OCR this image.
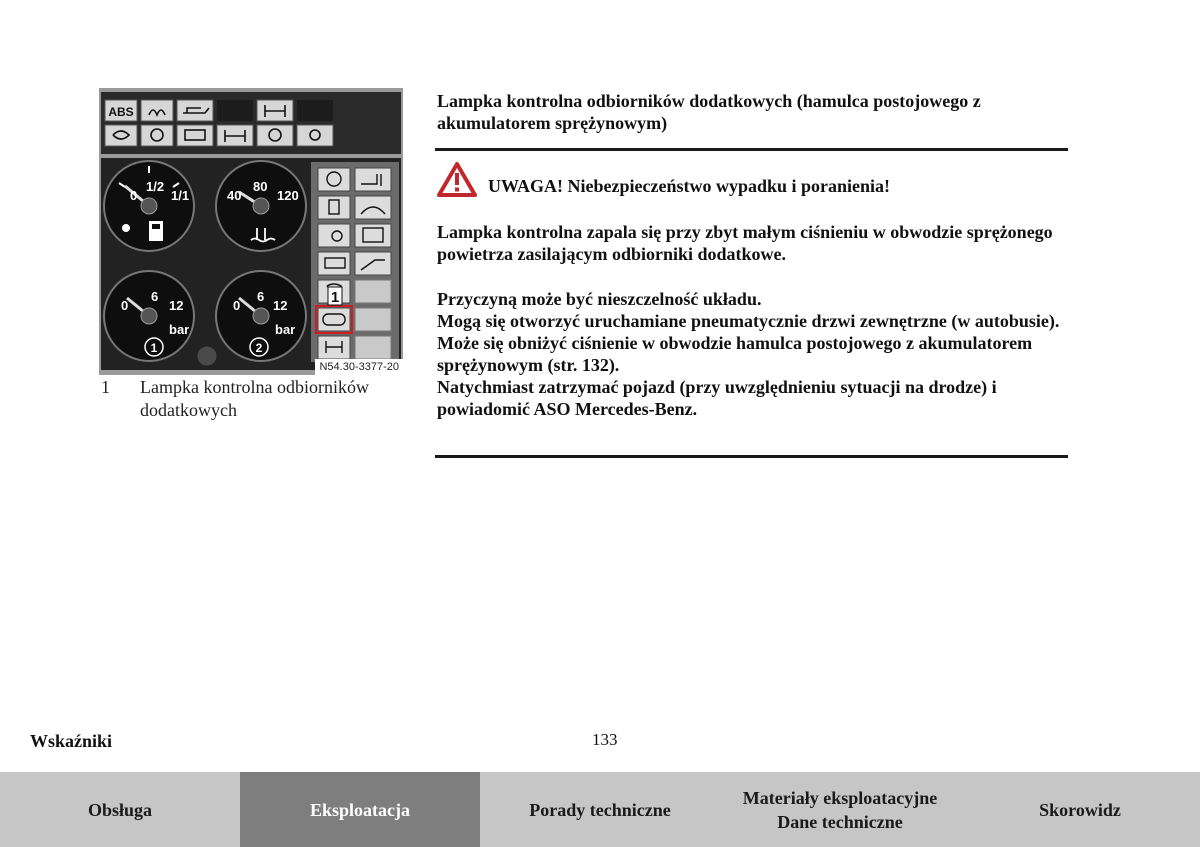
ABS
0
1/2
1/1	40
80
120
0
6
12
bar
1
0
6
12
bar
2
1
N54.30-3377-20
1 Lampka kontrolna odbiorników dodatkowych
Lampka kontrolna odbiorników dodatkowych (hamulca postojowego z akumulatorem sprężynowym)
UWAGA! Niebezpieczeństwo wypadku i poranienia!
Lampka kontrolna zapala się przy zbyt małym ciśnieniu w obwodzie sprężonego powietrza zasilającym odbiorniki dodatkowe.
Przyczyną może być nieszczelność układu.
Mogą się otworzyć uruchamiane pneumatycznie drzwi zewnętrzne (w autobusie).
Może się obniżyć ciśnienie w obwodzie hamulca postojowego z akumulatorem sprężynowym (str. 132).
Natychmiast zatrzymać pojazd (przy uwzględnieniu sytuacji na drodze) i powiadomić ASO Mercedes-Benz.
Wskaźniki	133
Obsługa	Eksploatacja	Porady techniczne
Materiały eksploatacyjne
Dane techniczne
Skorowidz
